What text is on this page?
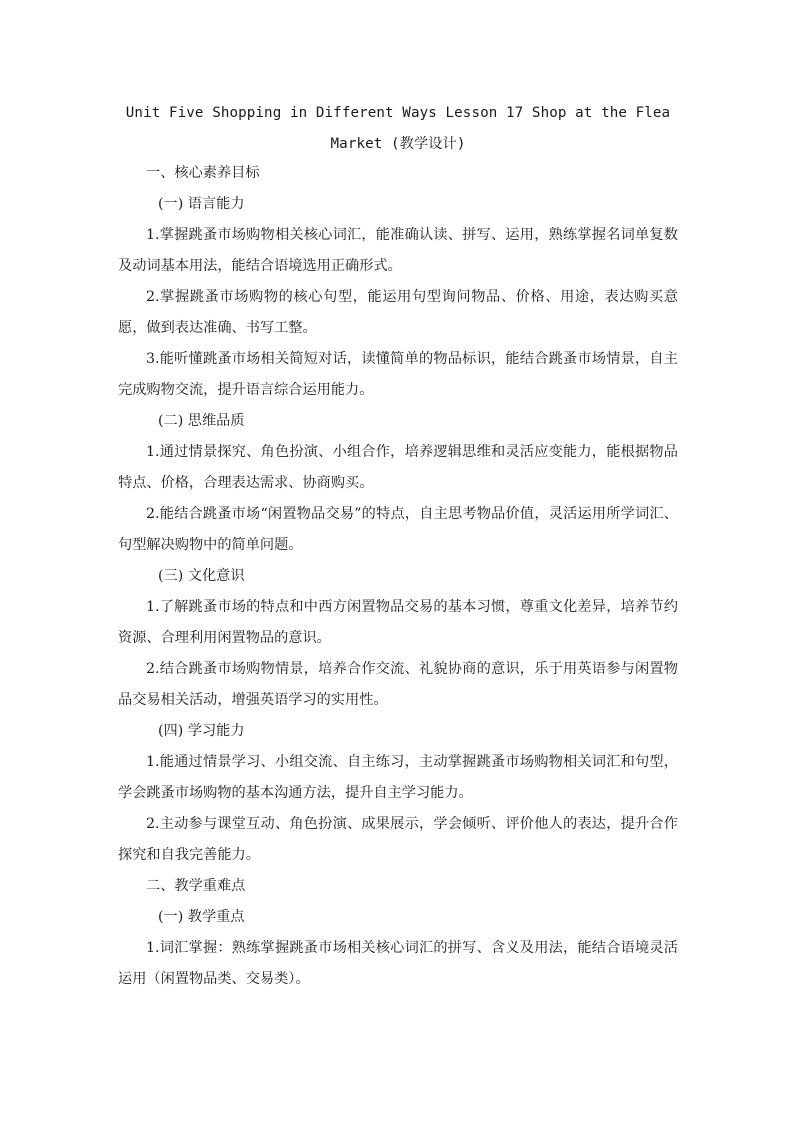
Unit Five Shopping in Different Ways Lesson 17 Shop at the Flea
Market (教学设计)

一、核心素养目标

(一) 语言能力

1.掌握跳蚤市场购物相关核心词汇，能准确认读、拼写、运用，熟练掌握名词单复数及动词基本用法，能结合语境选用正确形式。

2.掌握跳蚤市场购物的核心句型，能运用句型询问物品、价格、用途，表达购买意愿，做到表达准确、书写工整。

3.能听懂跳蚤市场相关简短对话，读懂简单的物品标识，能结合跳蚤市场情景，自主完成购物交流，提升语言综合运用能力。

(二) 思维品质

1.通过情景探究、角色扮演、小组合作，培养逻辑思维和灵活应变能力，能根据物品特点、价格，合理表达需求、协商购买。

2.能结合跳蚤市场“闲置物品交易”的特点，自主思考物品价值，灵活运用所学词汇、句型解决购物中的简单问题。

(三) 文化意识

1.了解跳蚤市场的特点和中西方闲置物品交易的基本习惯，尊重文化差异，培养节约资源、合理利用闲置物品的意识。

2.结合跳蚤市场购物情景，培养合作交流、礼貌协商的意识，乐于用英语参与闲置物品交易相关活动，增强英语学习的实用性。

(四) 学习能力

1.能通过情景学习、小组交流、自主练习，主动掌握跳蚤市场购物相关词汇和句型，学会跳蚤市场购物的基本沟通方法，提升自主学习能力。

2.主动参与课堂互动、角色扮演、成果展示，学会倾听、评价他人的表达，提升合作探究和自我完善能力。

二、教学重难点

(一) 教学重点

1.词汇掌握：熟练掌握跳蚤市场相关核心词汇的拼写、含义及用法，能结合语境灵活运用（闲置物品类、交易类）。
